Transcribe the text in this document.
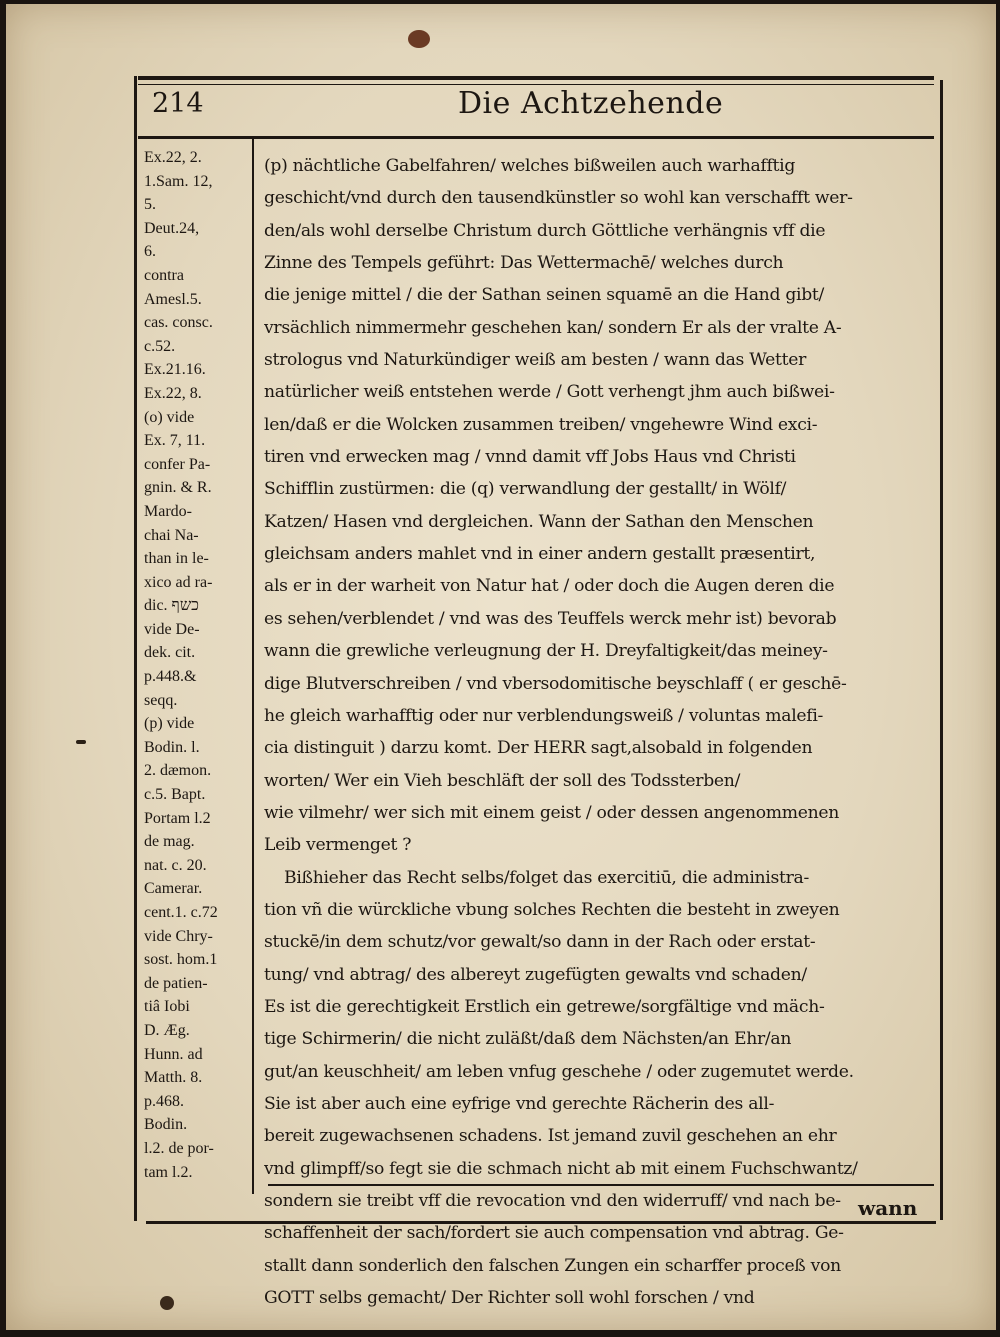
214	Die Achtzehende
Ex.22, 2.
1.Sam. 12,
5.
Deut.24,
6.
contra
Amesl.5.
cas. consc.
c.52.
Ex.21.16.
Ex.22, 8.
(o) vide
Ex. 7, 11.
confer Pa-
gnin. & R.
Mardo-
chai Na-
than in le-
xico ad ra-
dic. כשף
vide De-
dek. cit.
p.448.&
seqq.
(p) vide
Bodin. l.
2. dæmon.
c.5. Bapt.
Portam l.2
de mag.
nat. c. 20.
Camerar.
cent.1. c.72
vide Chry-
sost. hom.1
de patien-
tiâ Iobi
D. Æg.
Hunn. ad
Matth. 8.
p.468.
Bodin.
l.2. de por-
tam l.2.
(p) nächtliche Gabelfahren/ welches bißweilen auch warhafftig
geschicht/vnd durch den tausendkünstler so wohl kan verschafft wer-
den/als wohl derselbe Christum durch Göttliche verhängnis vff die
Zinne des Tempels geführt: Das Wettermachē/ welches durch
die jenige mittel / die der Sathan seinen squamē an die Hand gibt/
vrsächlich nimmermehr geschehen kan/ sondern Er als der vralte A-
strologus vnd Naturkündiger weiß am besten / wann das Wetter
natürlicher weiß entstehen werde / Gott verhengt jhm auch bißwei-
len/daß er die Wolcken zusammen treiben/ vngehewre Wind exci-
tiren vnd erwecken mag / vnnd damit vff Jobs Haus vnd Christi
Schifflin zustürmen: die (q) verwandlung der gestallt/ in Wölf/
Katzen/ Hasen vnd dergleichen. Wann der Sathan den Menschen
gleichsam anders mahlet vnd in einer andern gestallt præsentirt,
als er in der warheit von Natur hat / oder doch die Augen deren die
es sehen/verblendet / vnd was des Teuffels werck mehr ist) bevorab
wann die grewliche verleugnung der H. Dreyfaltigkeit/das meiney-
dige Blutverschreiben / vnd vbersodomitische beyschlaff ( er geschē-
he gleich warhafftig oder nur verblendungsweiß / voluntas malefi-
cia distinguit ) darzu komt. Der HERR sagt,alsobald in folgenden
worten/ Wer ein Vieh beschläft der soll des Todssterben/
wie vilmehr/ wer sich mit einem geist / oder dessen angenommenen
Leib vermenget ?
Bißhieher das Recht selbs/folget das exercitiū, die administra-
tion vñ die würckliche vbung solches Rechten die besteht in zweyen
stuckē/in dem schutz/vor gewalt/so dann in der Rach oder erstat-
tung/ vnd abtrag/ des albereyt zugefügten gewalts vnd schaden/
Es ist die gerechtigkeit Erstlich ein getrewe/sorgfältige vnd mäch-
tige Schirmerin/ die nicht zuläßt/daß dem Nächsten/an Ehr/an
gut/an keuschheit/ am leben vnfug geschehe / oder zugemutet werde.
Sie ist aber auch eine eyfrige vnd gerechte Rächerin des all-
bereit zugewachsenen schadens. Ist jemand zuvil geschehen an ehr
vnd glimpff/so fegt sie die schmach nicht ab mit einem Fuchschwantz/
sondern sie treibt vff die revocation vnd den widerruff/ vnd nach be-
schaffenheit der sach/fordert sie auch compensation vnd abtrag. Ge-
stallt dann sonderlich den falschen Zungen ein scharffer proceß von
GOTT selbs gemacht/ Der Richter soll wohl forschen / vnd
wann
